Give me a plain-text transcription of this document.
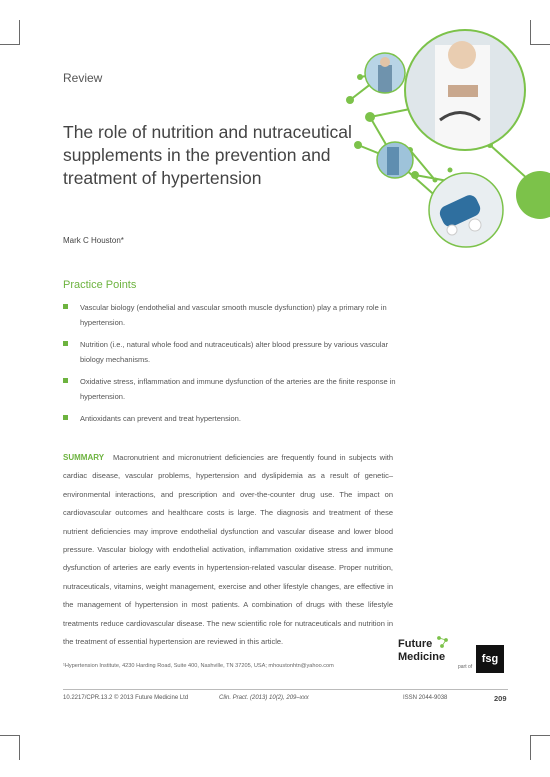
Review
The role of nutrition and nutraceutical supplements in the prevention and treatment of hypertension
Mark C Houston*
Practice Points
Vascular biology (endothelial and vascular smooth muscle dysfunction) play a primary role in hypertension.
Nutrition (i.e., natural whole food and nutraceuticals) alter blood pressure by various vascular biology mechanisms.
Oxidative stress, inflammation and immune dysfunction of the arteries are the finite response in hypertension.
Antioxidants can prevent and treat hypertension.

SUMMARY Macronutrient and micronutrient deficiencies are frequently found in subjects with cardiac disease, vascular problems, hypertension and dyslipidemia as a result of genetic–environmental interactions, and prescription and over-the-counter drug use. The impact on cardiovascular outcomes and healthcare costs is large. The diagnosis and treatment of these nutrient deficiencies may improve endothelial dysfunction and vascular disease and lower blood pressure. Vascular biology with endothelial activation, inflammation oxidative stress and immune dysfunction of arteries are early events in hypertension-related vascular disease. Proper nutrition, nutraceuticals, vitamins, weight management, exercise and other lifestyle changes, are effective in the management of hypertension in most patients. A combination of drugs with these lifestyle treatments reduce cardiovascular disease. The new scientific role for nutraceuticals and nutrition in the treatment of essential hypertension are reviewed in this article.

¹Hypertension Institute, 4230 Harding Road, Suite 400, Nashville, TN 37205, USA; mhoustonhtn@yahoo.com
Future
Medicine
part of
fsg
10.2217/CPR.13.2 © 2013 Future Medicine Ltd	Clin. Pract. (2013) 10(2), 209–xxx	ISSN 2044-9038	209
